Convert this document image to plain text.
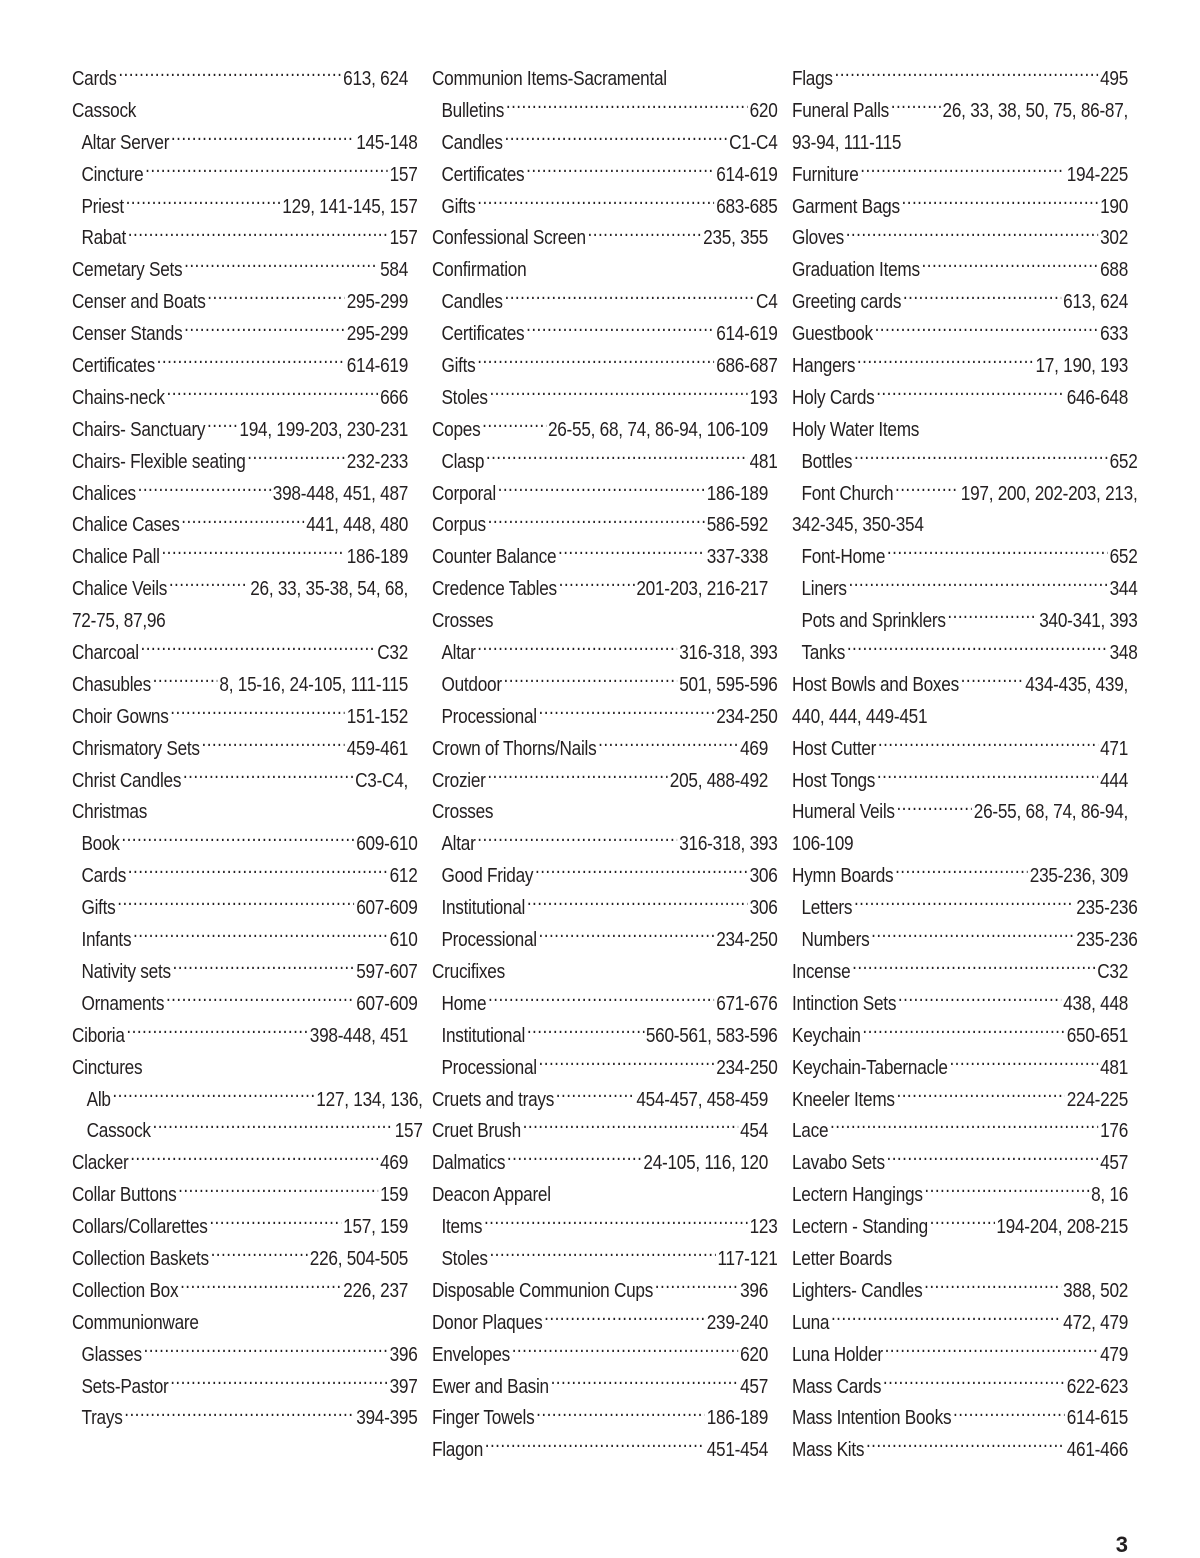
Cards .....	613, 624
Cassock
Altar Server .....	145-148
Cincture .....	157
Priest .....	129, 141-145, 157
Rabat .....	157
Cemetary Sets .....	584
Censer and Boats .....	295-299
Censer Stands .....	295-299
Certificates .....	614-619
Chains-neck .....	666
Chairs- Sanctuary ..... 194, 199-203, 230-231
Chairs- Flexible seating .....	232-233
Chalices .....	398-448, 451, 487
Chalice Cases .....	441, 448, 480
Chalice Pall .....	186-189
Chalice Veils .....	26, 33, 35-38, 54, 68,
72-75, 87,96
Charcoal .....	C32
Chasubles .....	8, 15-16, 24-105, 111-115
Choir Gowns .....	151-152
Chrismatory Sets .....	459-461
Christ Candles .....	C3-C4,
Christmas
Book .....	609-610
Cards .....	612
Gifts .....	607-609
Infants .....	610
Nativity sets .....	597-607
Ornaments .....	607-609
Ciboria .....	398-448, 451
Cinctures
Alb .....	127, 134, 136,
Cassock .....	157
Clacker .....	469
Collar Buttons .....	159
Collars/Collarettes .....	157, 159
Collection Baskets .....	226, 504-505
Collection Box .....	226, 237
Communionware
Glasses .....	396
Sets-Pastor .....	397
Trays .....	394-395
Communion Items-Sacramental
Bulletins .....	620
Candles .....	C1-C4
Certificates .....	614-619
Gifts .....	683-685
Confessional Screen .....	235, 355
Confirmation
Candles .....	C4
Certificates .....	614-619
Gifts .....	686-687
Stoles .....	193
Copes .....	26-55, 68, 74, 86-94, 106-109
Clasp .....	481
Corporal .....	186-189
Corpus .....	586-592
Counter Balance .....	337-338
Credence Tables .....	201-203, 216-217
Crosses
Altar .....	316-318, 393
Outdoor .....	501, 595-596
Processional .....	234-250
Crown of Thorns/Nails .....	469
Crozier .....	205, 488-492
Crosses
Altar .....	316-318, 393
Good Friday .....	306
Institutional .....	306
Processional .....	234-250
Crucifixes
Home .....	671-676
Institutional .....	560-561, 583-596
Processional .....	234-250
Cruets and trays .....	454-457, 458-459
Cruet Brush .....	454
Dalmatics .....	24-105, 116, 120
Deacon Apparel
Items .....	123
Stoles .....	117-121
Disposable Communion Cups .....	396
Donor Plaques .....	239-240
Envelopes .....	620
Ewer and Basin .....	457
Finger Towels .....	186-189
Flagon .....	451-454
Flags .....	495
Funeral Palls .....	26, 33, 38, 50, 75, 86-87,
93-94, 111-115
Furniture .....	194-225
Garment Bags .....	190
Gloves .....	302
Graduation Items .....	688
Greeting cards .....	613, 624
Guestbook .....	633
Hangers .....	17, 190, 193
Holy Cards .....	646-648
Holy Water Items
Bottles .....	652
Font Church .....	197, 200, 202-203, 213,
342-345, 350-354
Font-Home .....	652
Liners .....	344
Pots and Sprinklers .....	340-341, 393
Tanks .....	348
Host Bowls and Boxes .....	434-435, 439,
440, 444, 449-451
Host Cutter .....	471
Host Tongs .....	444
Humeral Veils .....	26-55, 68, 74, 86-94,
106-109
Hymn Boards .....	235-236, 309
Letters .....	235-236
Numbers .....	235-236
Incense .....	C32
Intinction Sets .....	438, 448
Keychain .....	650-651
Keychain-Tabernacle .....	481
Kneeler Items .....	224-225
Lace .....	176
Lavabo Sets .....	457
Lectern Hangings .....	8, 16
Lectern - Standing .....	194-204, 208-215
Letter Boards
Lighters- Candles .....	388, 502
Luna .....	472, 479
Luna Holder .....	479
Mass Cards .....	622-623
Mass Intention Books .....	614-615
Mass Kits .....	461-466
3
